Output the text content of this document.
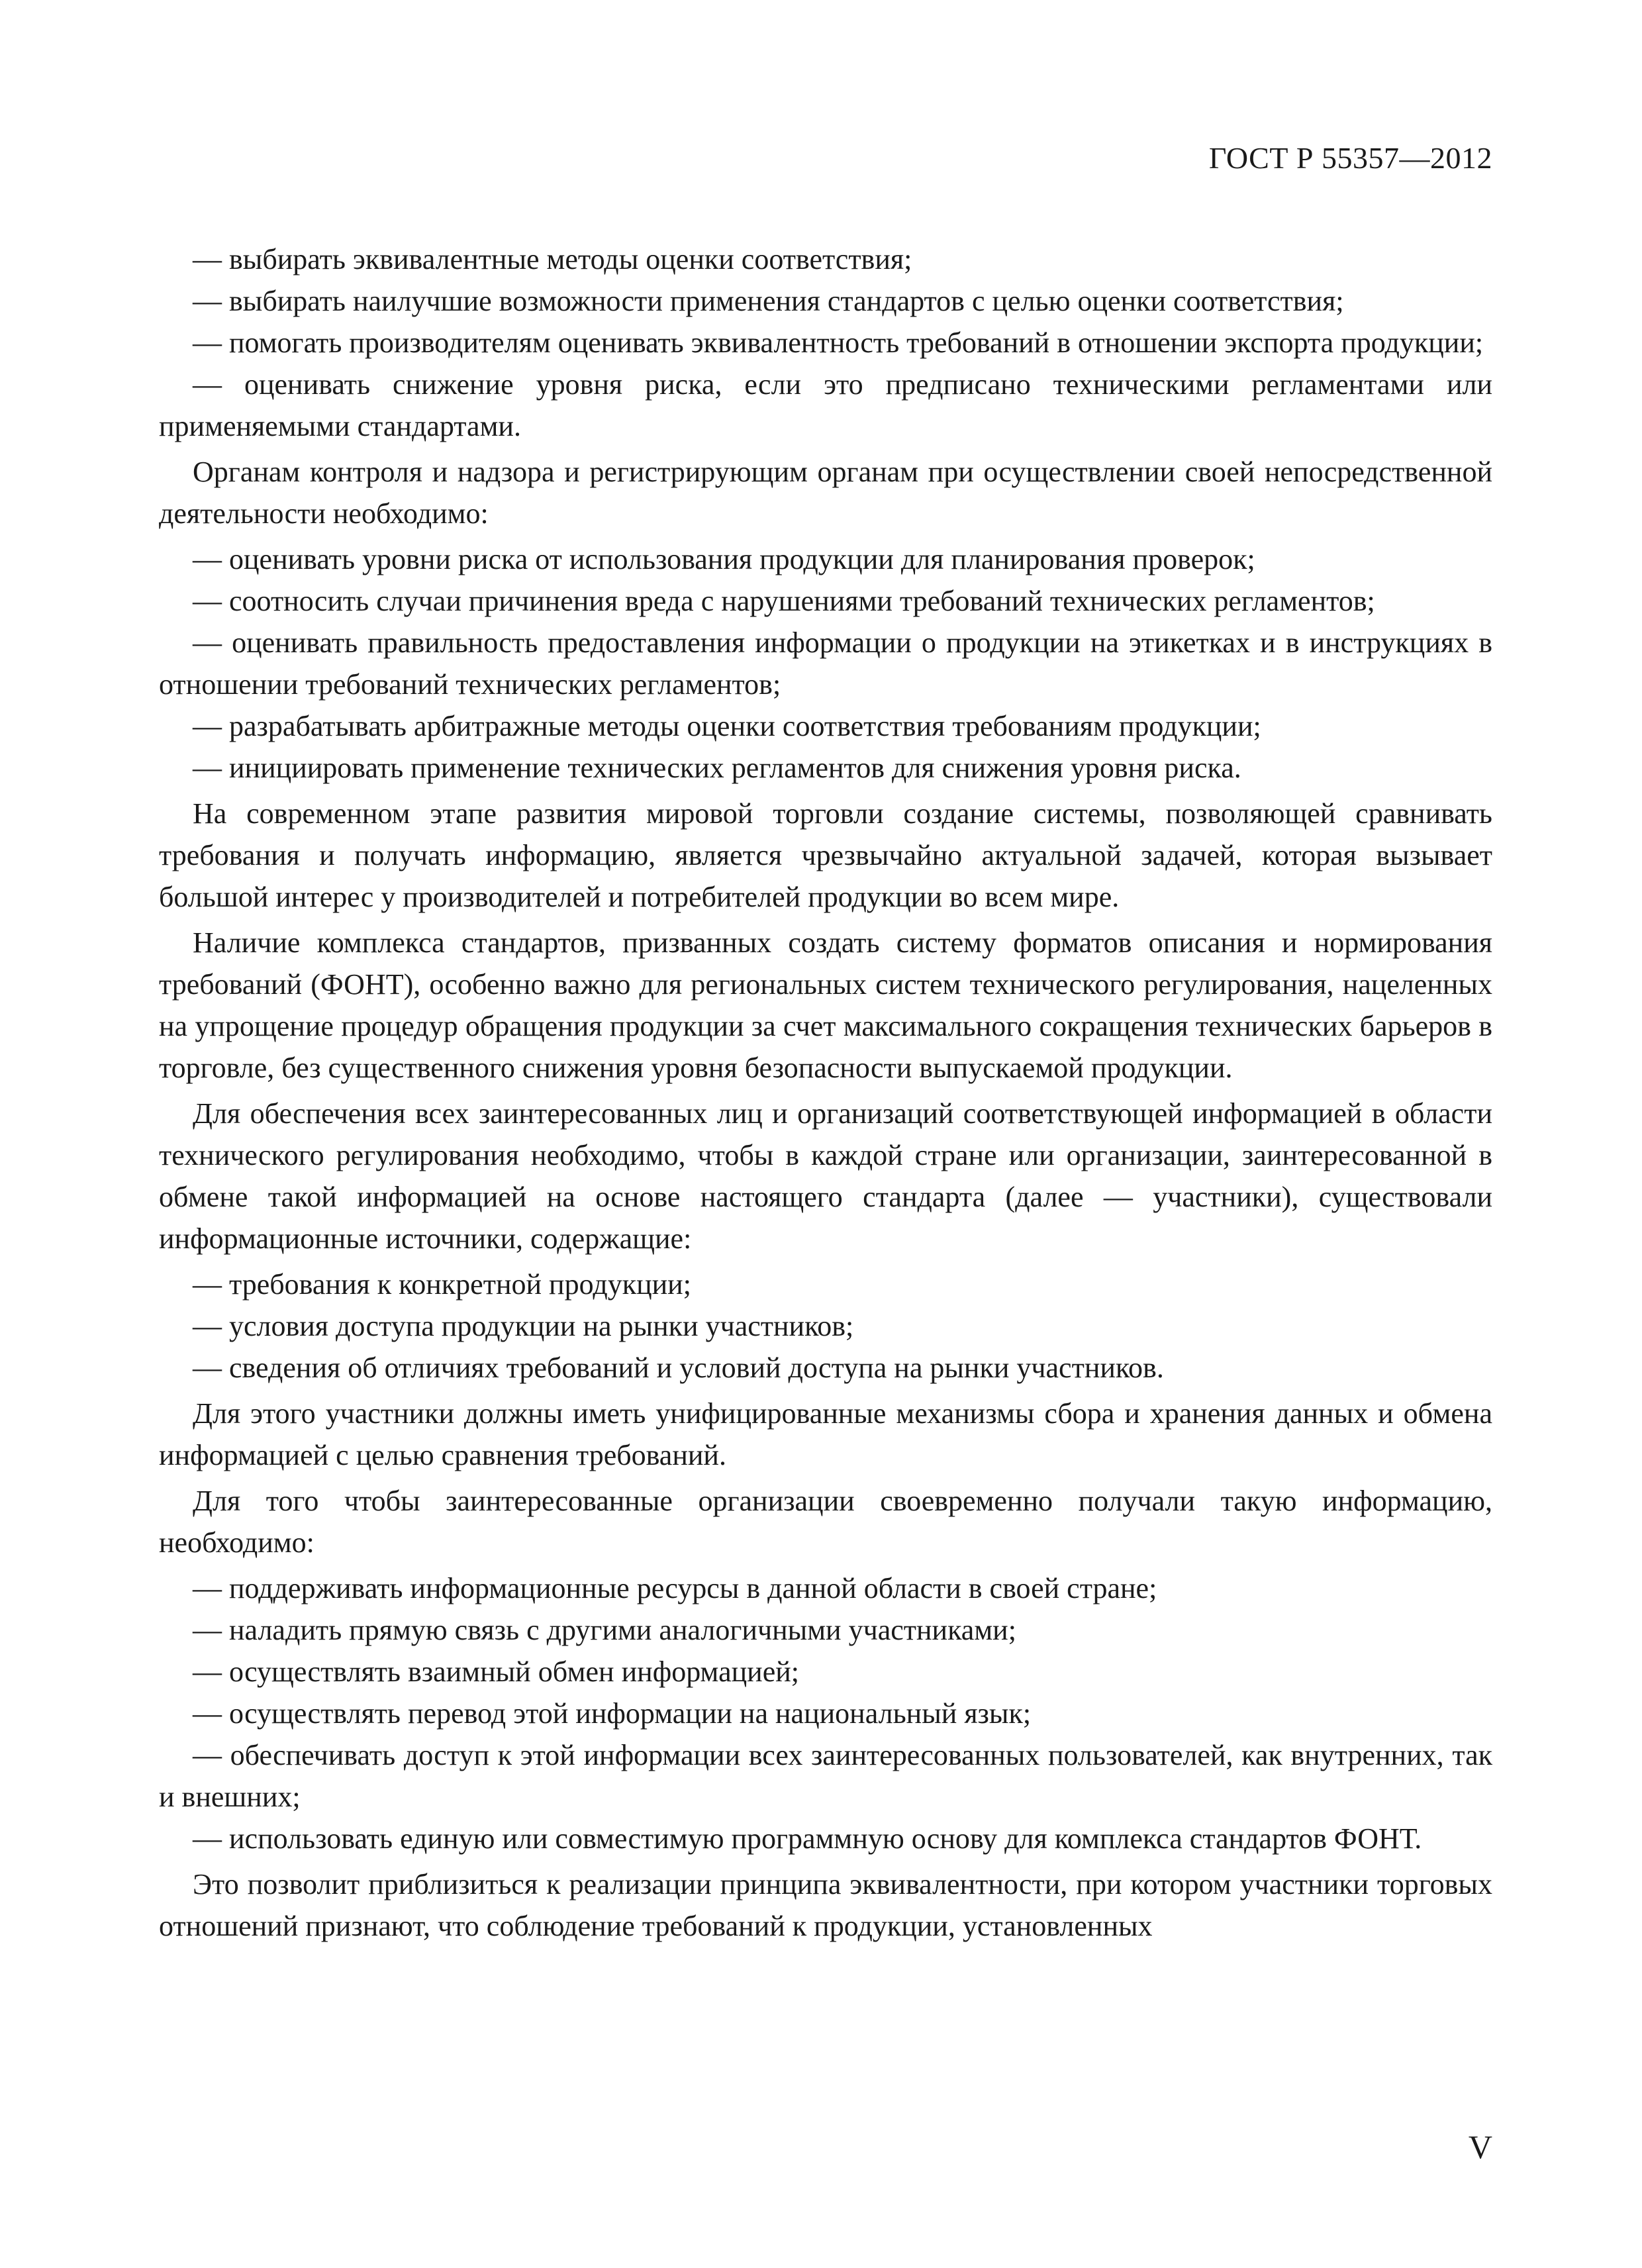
ГОСТ Р 55357—2012

— выбирать эквивалентные методы оценки соответствия;

— выбирать наилучшие возможности применения стандартов с целью оценки соответствия;

— помогать производителям оценивать эквивалентность требований в отношении экспорта продукции;

— оценивать снижение уровня риска, если это предписано техническими регламентами или применяемыми стандартами.

Органам контроля и надзора и регистрирующим органам при осуществлении своей непосредственной деятельности необходимо:

— оценивать уровни риска от использования продукции для планирования проверок;

— соотносить случаи причинения вреда с нарушениями требований технических регламентов;

— оценивать правильность предоставления информации о продукции на этикетках и в инструкциях в отношении требований технических регламентов;

— разрабатывать арбитражные методы оценки соответствия требованиям продукции;

— инициировать применение технических регламентов для снижения уровня риска.

На современном этапе развития мировой торговли создание системы, позволяющей сравнивать требования и получать информацию, является чрезвычайно актуальной задачей, которая вызывает большой интерес у производителей и потребителей продукции во всем мире.

Наличие комплекса стандартов, призванных создать систему форматов описания и нормирования требований (ФОНТ), особенно важно для региональных систем технического регулирования, нацеленных на упрощение процедур обращения продукции за счет максимального сокращения технических барьеров в торговле, без существенного снижения уровня безопасности выпускаемой продукции.

Для обеспечения всех заинтересованных лиц и организаций соответствующей информацией в области технического регулирования необходимо, чтобы в каждой стране или организации, заинтересованной в обмене такой информацией на основе настоящего стандарта (далее — участники), существовали информационные источники, содержащие:

— требования к конкретной продукции;

— условия доступа продукции на рынки участников;

— сведения об отличиях требований и условий доступа на рынки участников.

Для этого участники должны иметь унифицированные механизмы сбора и хранения данных и обмена информацией с целью сравнения требований.

Для того чтобы заинтересованные организации своевременно получали такую информацию, необходимо:

— поддерживать информационные ресурсы в данной области в своей стране;

— наладить прямую связь с другими аналогичными участниками;

— осуществлять взаимный обмен информацией;

— осуществлять перевод этой информации на национальный язык;

— обеспечивать доступ к этой информации всех заинтересованных пользователей, как внутренних, так и внешних;

— использовать единую или совместимую программную основу для комплекса стандартов ФОНТ.

Это позволит приблизиться к реализации принципа эквивалентности, при котором участники торговых отношений признают, что соблюдение требований к продукции, установленных

V
